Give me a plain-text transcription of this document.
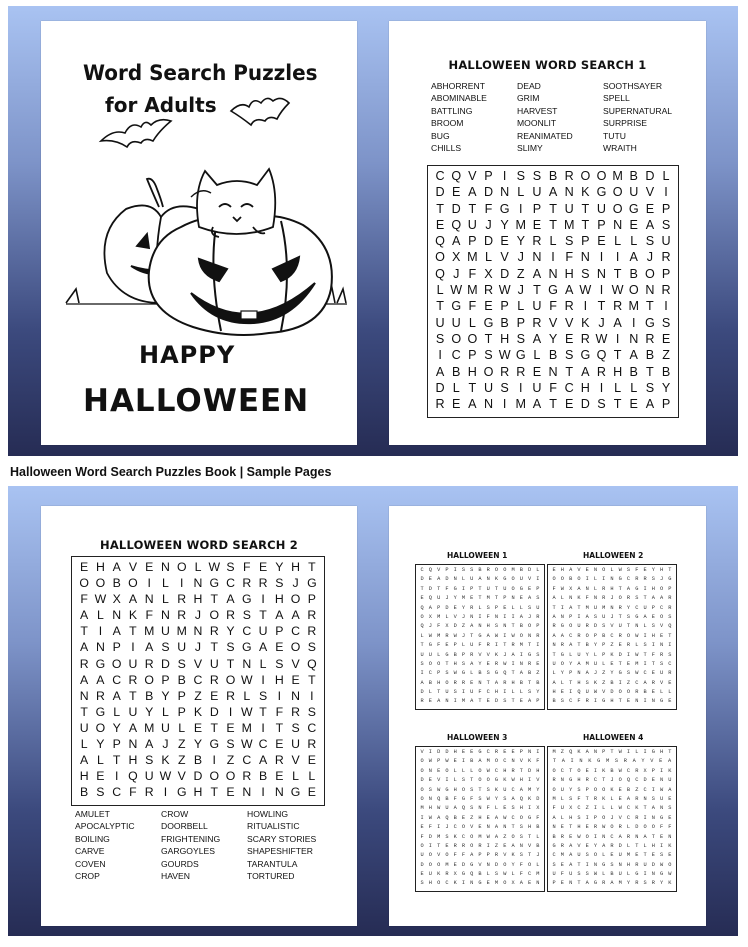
Word Search Puzzles
for Adults
HAPPY
HALLOWEEN
HALLOWEEN WORD SEARCH 1
ABHORRENT
ABOMINABLE
BATTLING
BROOM
BUG
CHILLS
DEAD
GRIM
HARVEST
MOONLIT
REANIMATED
SLIMY
SOOTHSAYER
SPELL
SUPERNATURAL
SURPRISE
TUTU
WRAITH
C Q V P I S S B R O O M B D L
D E A D N L U A N K G O U V I
T D T F G I P T U T U O G E P
E Q U J Y M E T M T P N E A S
Q A P D E Y R L S P E L L S U
O X M L V J N I F N I	I A J R
Q J F X D Z A N H S N T B O P
L W M R W J T G A W I W O N R
T G F E P L U F R I T R M T I
U U L G B P R V V K J A I G S
S O O T H S A Y E R W I N R E
I C P S W G L B S G Q T A B Z
A B H O R R E N T A R H B T B
D L T U S I U F C H I L L S Y
R E A N I M A T E D S T E A P
Halloween Word Search Puzzles Book | Sample Pages
HALLOWEEN WORD SEARCH 2
E H A V E N O L W S F E Y H T
O O B O I L I N G C R R S J G
F W X A N L R H T A G I H O P
A L N K F N R J O R S T A A R
T I A T M U M N R Y C U P C R
A N P I A S U J T S G A E O S
R G O U R D S V U T N L S V Q
A A C R O P B C R O W I H E T
N R A T B Y P Z E R L S I N I
T G L U Y L P K D I W T F R S
U O Y A M U L E T E M I T S C
L Y P N A J Z Y G S W C E U R
A L T H S K Z B I Z C A R V E
H E I Q U W V D O O R B E L L
B S C F R I G H T E N I N G E
AMULET
APOCALYPTIC
BOILING
CARVE
COVEN
CROP
CROW
DOORBELL
FRIGHTENING
GARGOYLES
GOURDS
HAVEN
HOWLING
RITUALISTIC
SCARY STORIES
SHAPESHIFTER
TARANTULA
TORTURED
HALLOWEEN 1	HALLOWEEN 2
C Q V P I S S B R O O M B D L
D E A D N L U A N K G O U V I
T D T F G I P T U T U O G E P
E Q U J Y M E T M T P N E A S
Q A P D E Y R L S P E L L S U
O X M L V J N I F N I I A J R
Q J F X D Z A N H S N T B O P
L W M R W J T G A W I W O N R
T G F E P L U F R I T R M T I
U U L G B P R V V K J A I G S
S O O T H S A Y E R W I N R E
I C P S W G L B S G Q T A B Z
A B H O R R E N T A R H B T B
D L T U S I U F C H I L L S Y
R E A N I M A T E D S T E A P
E H A V E N O L W S F E Y H T
O O B O I L I N G C R R S J G
F W X A N L R H T A G I H O P
A L N K F N R J O R S T A A R
T I A T M U M N R Y C U P C R
A N P I A S U J T S G A E O S
R G O U R D S V U T N L S V Q
A A C R O P B C R O W I H E T
N R A T B Y P Z E R L S I N I
T G L U Y L P K D I W T F R S
U O Y A M U L E T E M I T S C
L Y P N A J Z Y G S W C E U R
A L T H S K Z B I Z C A R V E
H E I Q U W V D O O R B E L L
B S C F R I G H T E N I N G E
HALLOWEEN 3	HALLOWEEN 4
V I D D H E E G C R E E P N I
O W P W E I B A M O C N V K F
O N E O L L L O W C H R T D H
D E V I L S T O O G K W H I V
O S W G H O S T S K U C A M Y
O N Q B F G F S W Y S A Q K D
M H W U A Q S N F L E S H I X
I W A Q B E Z H E A W C O G F
E F I J C O V E N A N T S H B
F D M S K C O M W A Z O S T L
O I T E R R O R I Z E A N V B
U O V O F F A P P R V K S T J
D O O M E D G V N D O Y F O L
E U K R X G Q B L S W L F C M
S H O C K I N G E M O X A E N
M Z Q K A N P T W I L I G H T
T	A	I	N	K	G	M	S	R	A	Y	V	E	A
O C T O E I K B W C R X P I K
R N G H R C T J O Q C D E N U
O U Y S P O O K E B Z C I W A
M L S F T R K L E A R N S U E
F U X C Z I L L W C K T A N S
A L H S I P O J V C R I N G E
N E T H E R W O R L D O O F F
B R E W O I N C A R N A T E N
G R A V E Y A R D L T L H I K
C M A U S O L E U M E T E S E
S E A T I N G S N H R U D W O
U F U S S W L B U L G I N G W
P E N T A G R A M Y R S R Y K
